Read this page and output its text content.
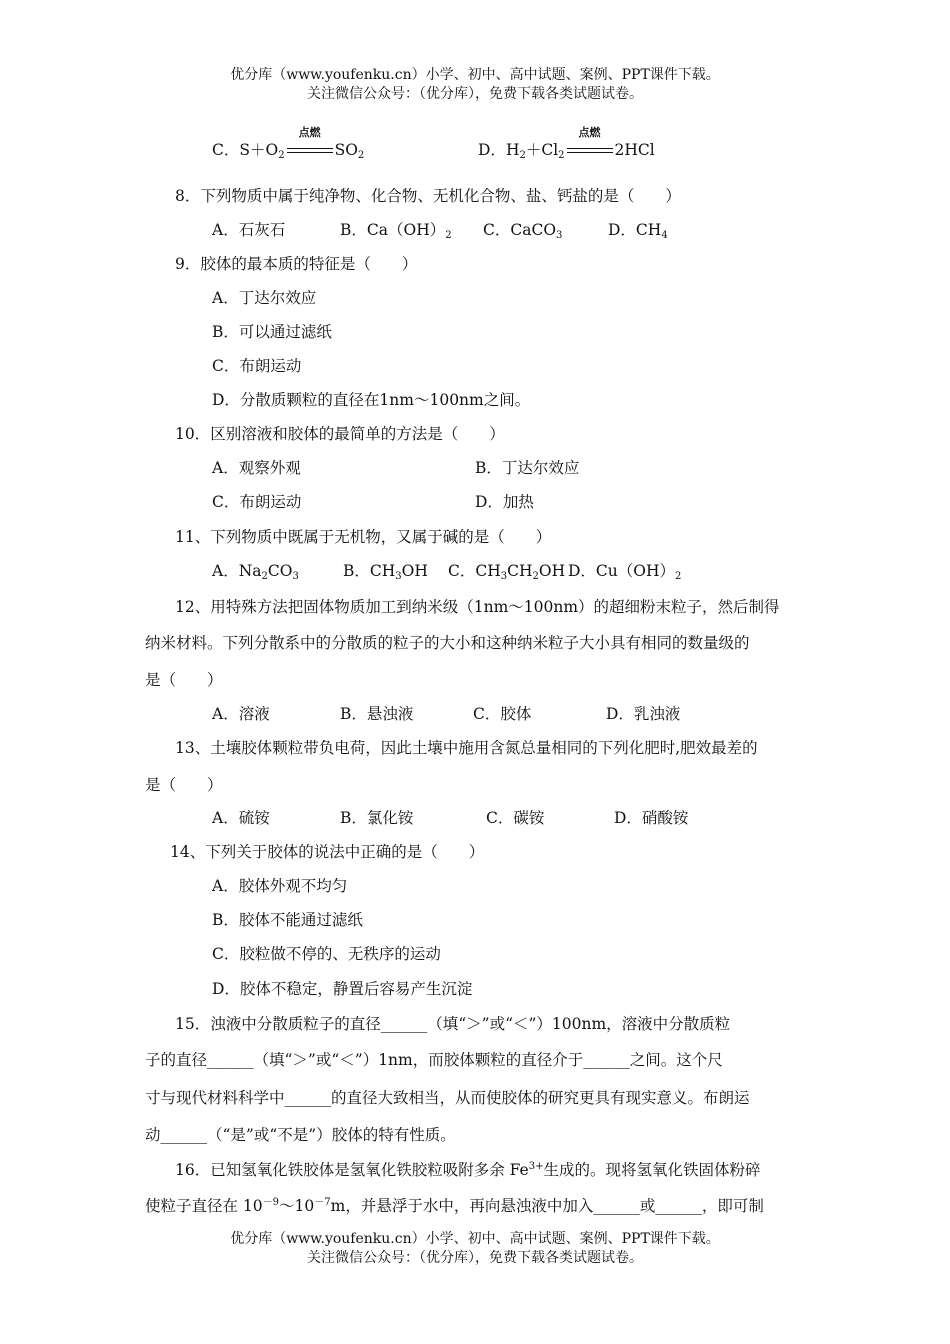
优分库（www.youfenku.cn）小学、初中、高中试题、案例、PPT课件下载。
关注微信公众号：（优分库），免费下载各类试题试卷。
C．$S+O_2$
点燃
$SO_2$	D．$H_2+Cl_2$
点燃
2HCl
8．下列物质中属于纯净物、化合物、无机化合物、盐、钙盐的是（　　）
A．石灰石	B．$Ca(OH)_2$ C．CaCO$_3$	D．$CH_4$
9．胶体的最本质的特征是（　　）
A．丁达尔效应
B．可以通过滤纸
C．布朗运动
D．分散质颗粒的直径在1nm～100nm之间。
10．区别溶液和胶体的最简单的方法是（　　）
A．观察外观	B．丁达尔效应
C．布朗运动	D．加热
11、下列物质中既属于无机物，又属于碱的是（　　）
A．$Na_2CO_3$	B．$CH_3OH$ C．$CH_3CH_2OH$ D．$Cu(OH)_2$
12、用特殊方法把固体物质加工到纳米级（1nm～100nm）的超细粉末粒子，然后制得
纳米材料。下列分散系中的分散质的粒子的大小和这种纳米粒子大小具有相同的数量级的
是（　　）
A．溶液	B．悬浊液	C．胶体	D．乳浊液
13、土壤胶体颗粒带负电荷，因此土壤中施用含氮总量相同的下列化肥时,肥效最差的
是（　　）
A．硫铵	B．氯化铵	C．碳铵	D．硝酸铵
14、下列关于胶体的说法中正确的是（　　）
A．胶体外观不均匀
B．胶体不能通过滤纸
C．胶粒做不停的、无秩序的运动
D．胶体不稳定，静置后容易产生沉淀
15．浊液中分散质粒子的直径______（填“＞”或“＜”）100nm，溶液中分散质粒
子的直径______（填“＞”或“＜”）1nm，而胶体颗粒的直径介于______之间。这个尺
寸与现代材料科学中______的直径大致相当，从而使胶体的研究更具有现实意义。布朗运
动______（“是”或“不是”）胶体的特有性质。
16．已知氢氧化铁胶体是氢氧化铁胶粒吸附多余 $Fe^{3+}$生成的。现将氢氧化铁固体粉碎
使粒子直径在 $10^{-9}\sim 10^{-7}m$，并悬浮于水中，再向悬浊液中加入______或______，即可制
优分库（www.youfenku.cn）小学、初中、高中试题、案例、PPT课件下载。
关注微信公众号：（优分库），免费下载各类试题试卷。
